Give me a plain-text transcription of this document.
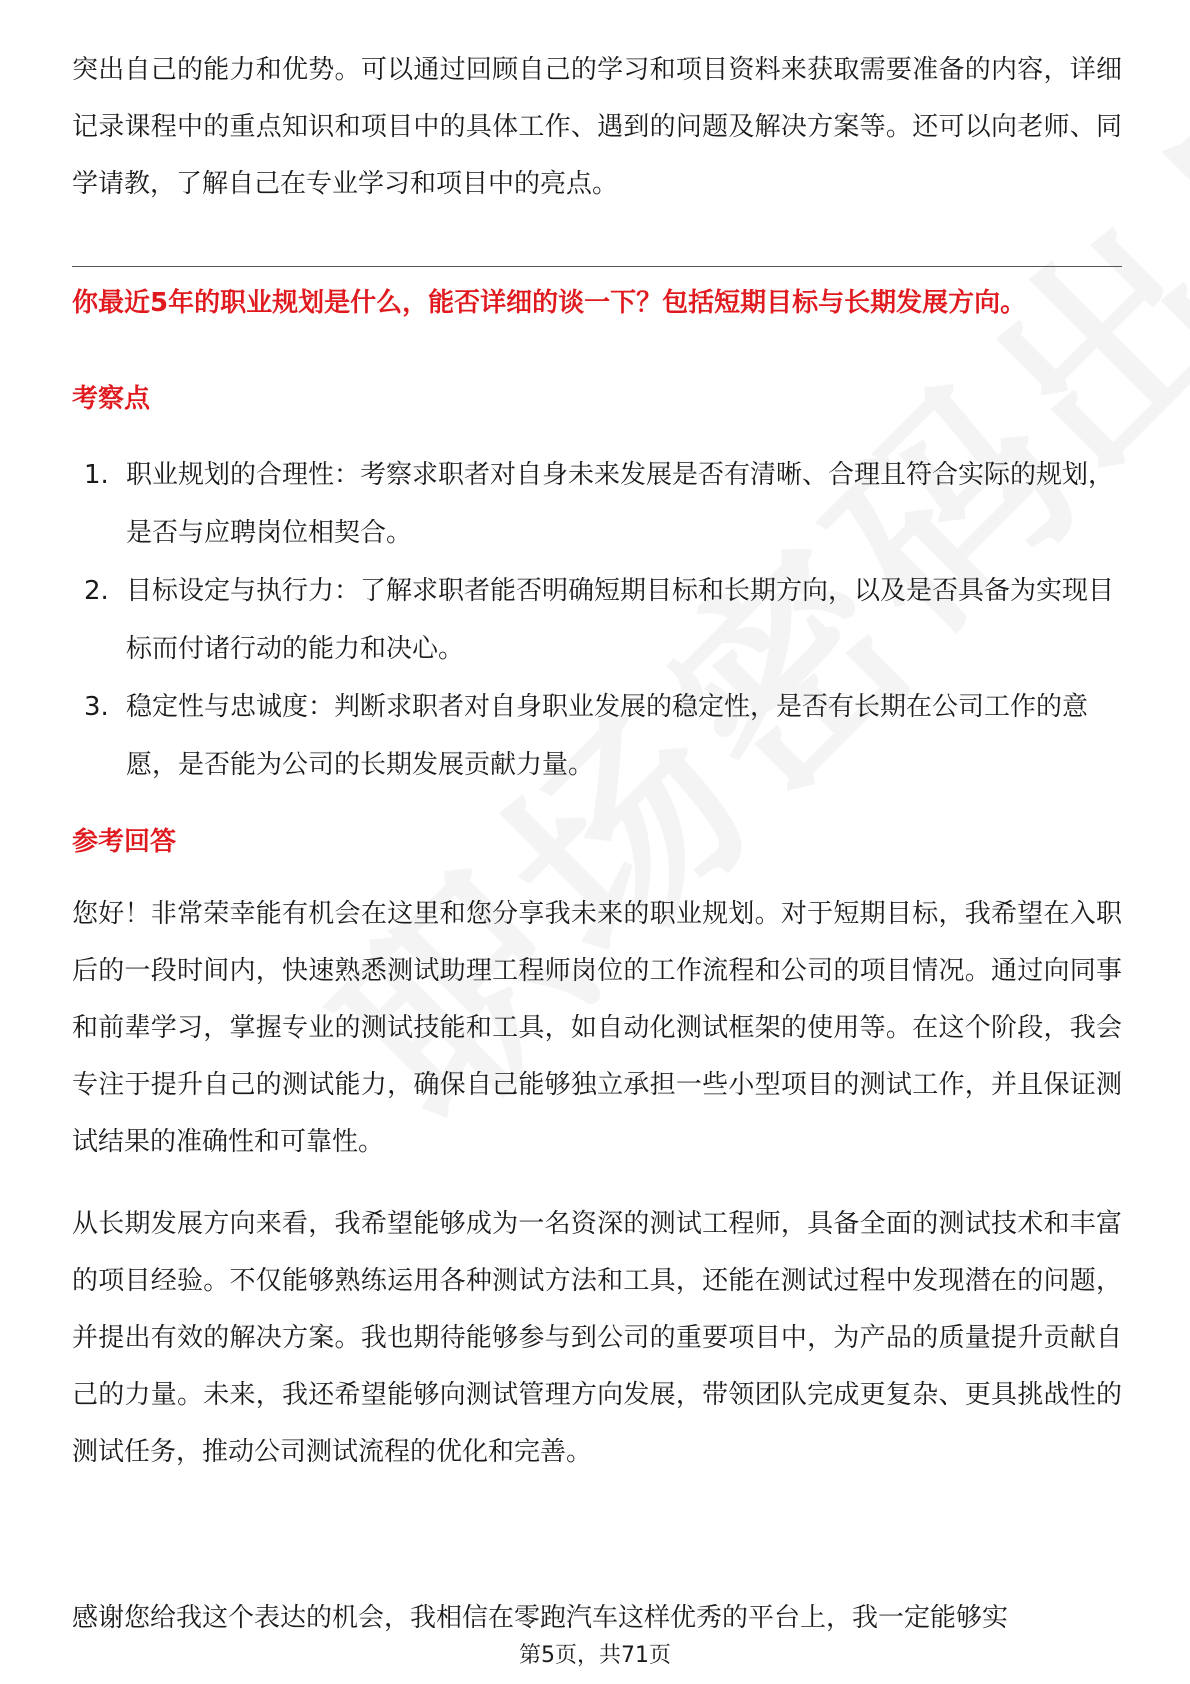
突出自己的能力和优势。可以通过回顾自己的学习和项目资料来获取需要准备的内容，详细记录课程中的重点知识和项目中的具体工作、遇到的问题及解决方案等。还可以向老师、同学请教，了解自己在专业学习和项目中的亮点。

你最近5年的职业规划是什么，能否详细的谈一下？包括短期目标与长期发展方向。

考察点

1. 职业规划的合理性：考察求职者对自身未来发展是否有清晰、合理且符合实际的规划，是否与应聘岗位相契合。
2. 目标设定与执行力：了解求职者能否明确短期目标和长期方向，以及是否具备为实现目标而付诸行动的能力和决心。
3. 稳定性与忠诚度：判断求职者对自身职业发展的稳定性，是否有长期在公司工作的意愿，是否能为公司的长期发展贡献力量。

参考回答

您好！非常荣幸能有机会在这里和您分享我未来的职业规划。对于短期目标，我希望在入职后的一段时间内，快速熟悉测试助理工程师岗位的工作流程和公司的项目情况。通过向同事和前辈学习，掌握专业的测试技能和工具，如自动化测试框架的使用等。在这个阶段，我会专注于提升自己的测试能力，确保自己能够独立承担一些小型项目的测试工作，并且保证测试结果的准确性和可靠性。

从长期发展方向来看，我希望能够成为一名资深的测试工程师，具备全面的测试技术和丰富的项目经验。不仅能够熟练运用各种测试方法和工具，还能在测试过程中发现潜在的问题，并提出有效的解决方案。我也期待能够参与到公司的重要项目中，为产品的质量提升贡献自己的力量。未来，我还希望能够向测试管理方向发展，带领团队完成更复杂、更具挑战性的测试任务，推动公司测试流程的优化和完善。

感谢您给我这个表达的机会，我相信在零跑汽车这样优秀的平台上，我一定能够实

第5页，共71页
